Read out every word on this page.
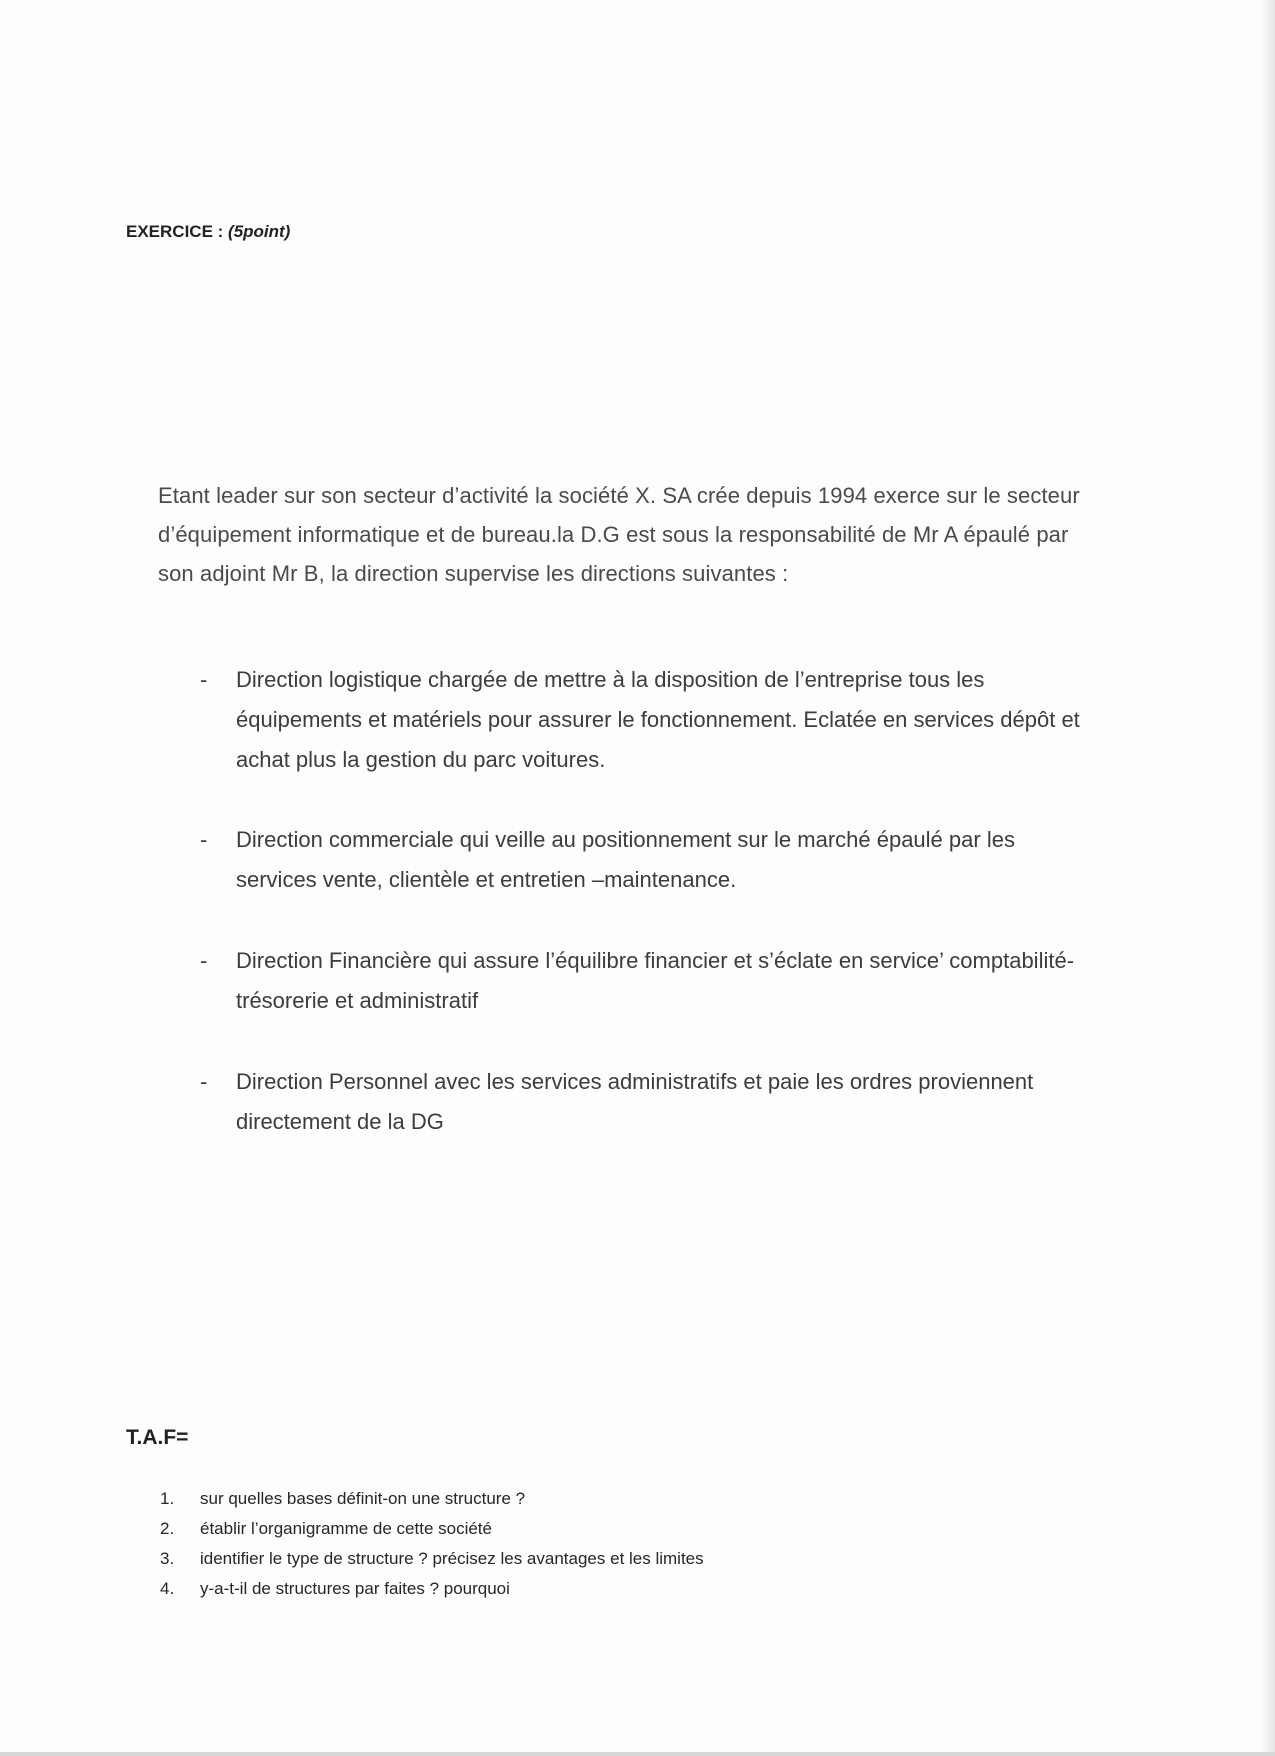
EXERCICE : (5point)

Etant leader sur son secteur d’activité la société X. SA crée depuis 1994 exerce sur le secteur d’équipement informatique et de bureau.la D.G est sous la responsabilité de Mr A épaulé par son adjoint Mr B, la direction supervise les directions suivantes :

- Direction logistique chargée de mettre à la disposition de l’entreprise tous les équipements et matériels pour assurer le fonctionnement. Eclatée en services dépôt et achat plus la gestion du parc voitures.
- Direction commerciale qui veille au positionnement sur le marché épaulé par les services vente, clientèle et entretien –maintenance.
- Direction Financière qui assure l’équilibre financier et s’éclate en service’ comptabilité-trésorerie et administratif
- Direction Personnel avec les services administratifs et paie les ordres proviennent directement de la DG
T.A.F=
1. sur quelles bases définit-on une structure ?
2. établir l’organigramme de cette société
3. identifier le type de structure ? précisez les avantages et les limites
4. y-a-t-il de structures par faites ? pourquoi
